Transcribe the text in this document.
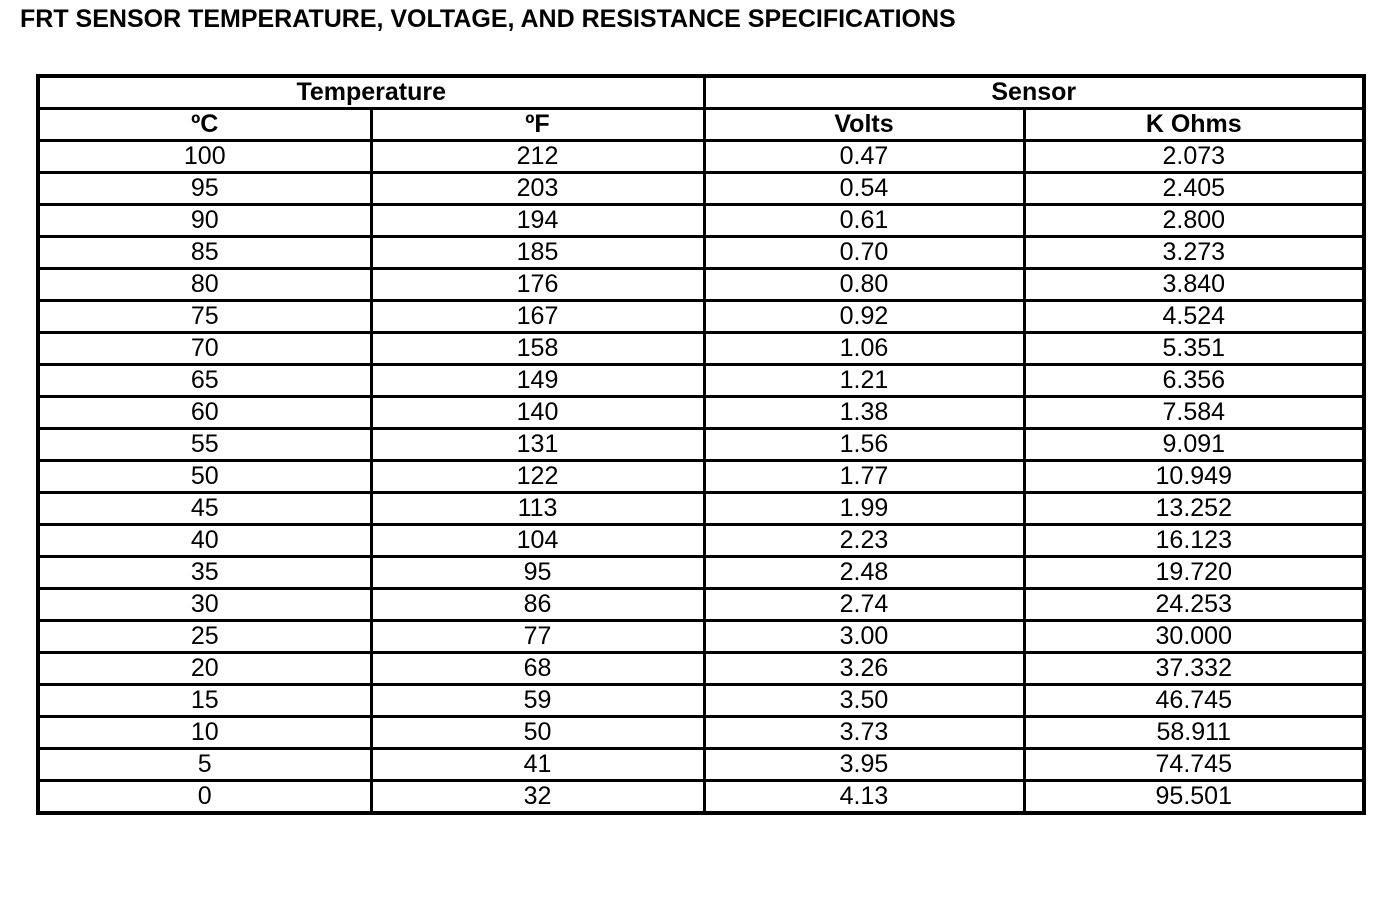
FRT SENSOR TEMPERATURE, VOLTAGE, AND RESISTANCE SPECIFICATIONS
Temperature		Sensor	
ºC	ºF	Volts	K Ohms
100	212	0.47	2.073
95	203	0.54	2.405
90	194	0.61	2.800
85	185	0.70	3.273
80	176	0.80	3.840
75	167	0.92	4.524
70	158	1.06	5.351
65	149	1.21	6.356
60	140	1.38	7.584
55	131	1.56	9.091
50	122	1.77	10.949
45	113	1.99	13.252
40	104	2.23	16.123
35	95	2.48	19.720
30	86	2.74	24.253
25	77	3.00	30.000
20	68	3.26	37.332
15	59	3.50	46.745
10	50	3.73	58.911
5	41	3.95	74.745
0	32	4.13	95.501
